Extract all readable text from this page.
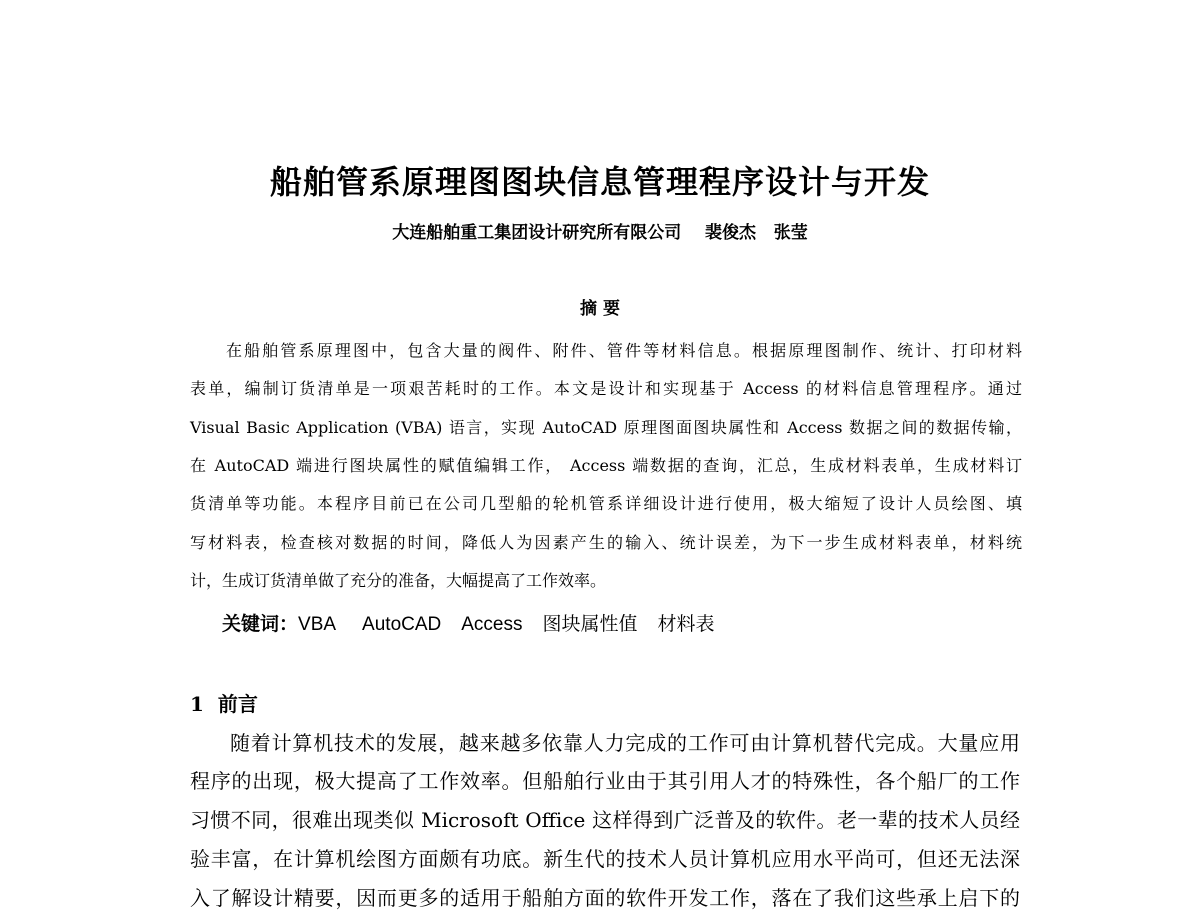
船舶管系原理图图块信息管理程序设计与开发
大连船舶重工集团设计研究所有限公司    裴俊杰   张莹
摘 要
在船舶管系原理图中，包含大量的阀件、附件、管件等材料信息。根据原理图制作、统计、打印材料
表单，编制订货清单是一项艰苦耗时的工作。本文是设计和实现基于 Access 的材料信息管理程序。通过
Visual Basic Application (VBA) 语言，实现 AutoCAD 原理图面图块属性和 Access 数据之间的数据传输，
在 AutoCAD 端进行图块属性的赋值编辑工作， Access 端数据的查询，汇总，生成材料表单，生成材料订
货清单等功能。本程序目前已在公司几型船的轮机管系详细设计进行使用，极大缩短了设计人员绘图、填
写材料表，检查核对数据的时间，降低人为因素产生的输入、统计误差，为下一步生成材料表单，材料统
计，生成订货清单做了充分的准备，大幅提高了工作效率。
关键词：VBA AutoCAD Access 图块属性值 材料表
1  前言
随着计算机技术的发展，越来越多依靠人力完成的工作可由计算机替代完成。大量应用
程序的出现，极大提高了工作效率。但船舶行业由于其引用人才的特殊性，各个船厂的工作
习惯不同，很难出现类似 Microsoft Office 这样得到广泛普及的软件。老一辈的技术人员经
验丰富，在计算机绘图方面颇有功底。新生代的技术人员计算机应用水平尚可，但还无法深
入了解设计精要，因而更多的适用于船舶方面的软件开发工作，落在了我们这些承上启下的
